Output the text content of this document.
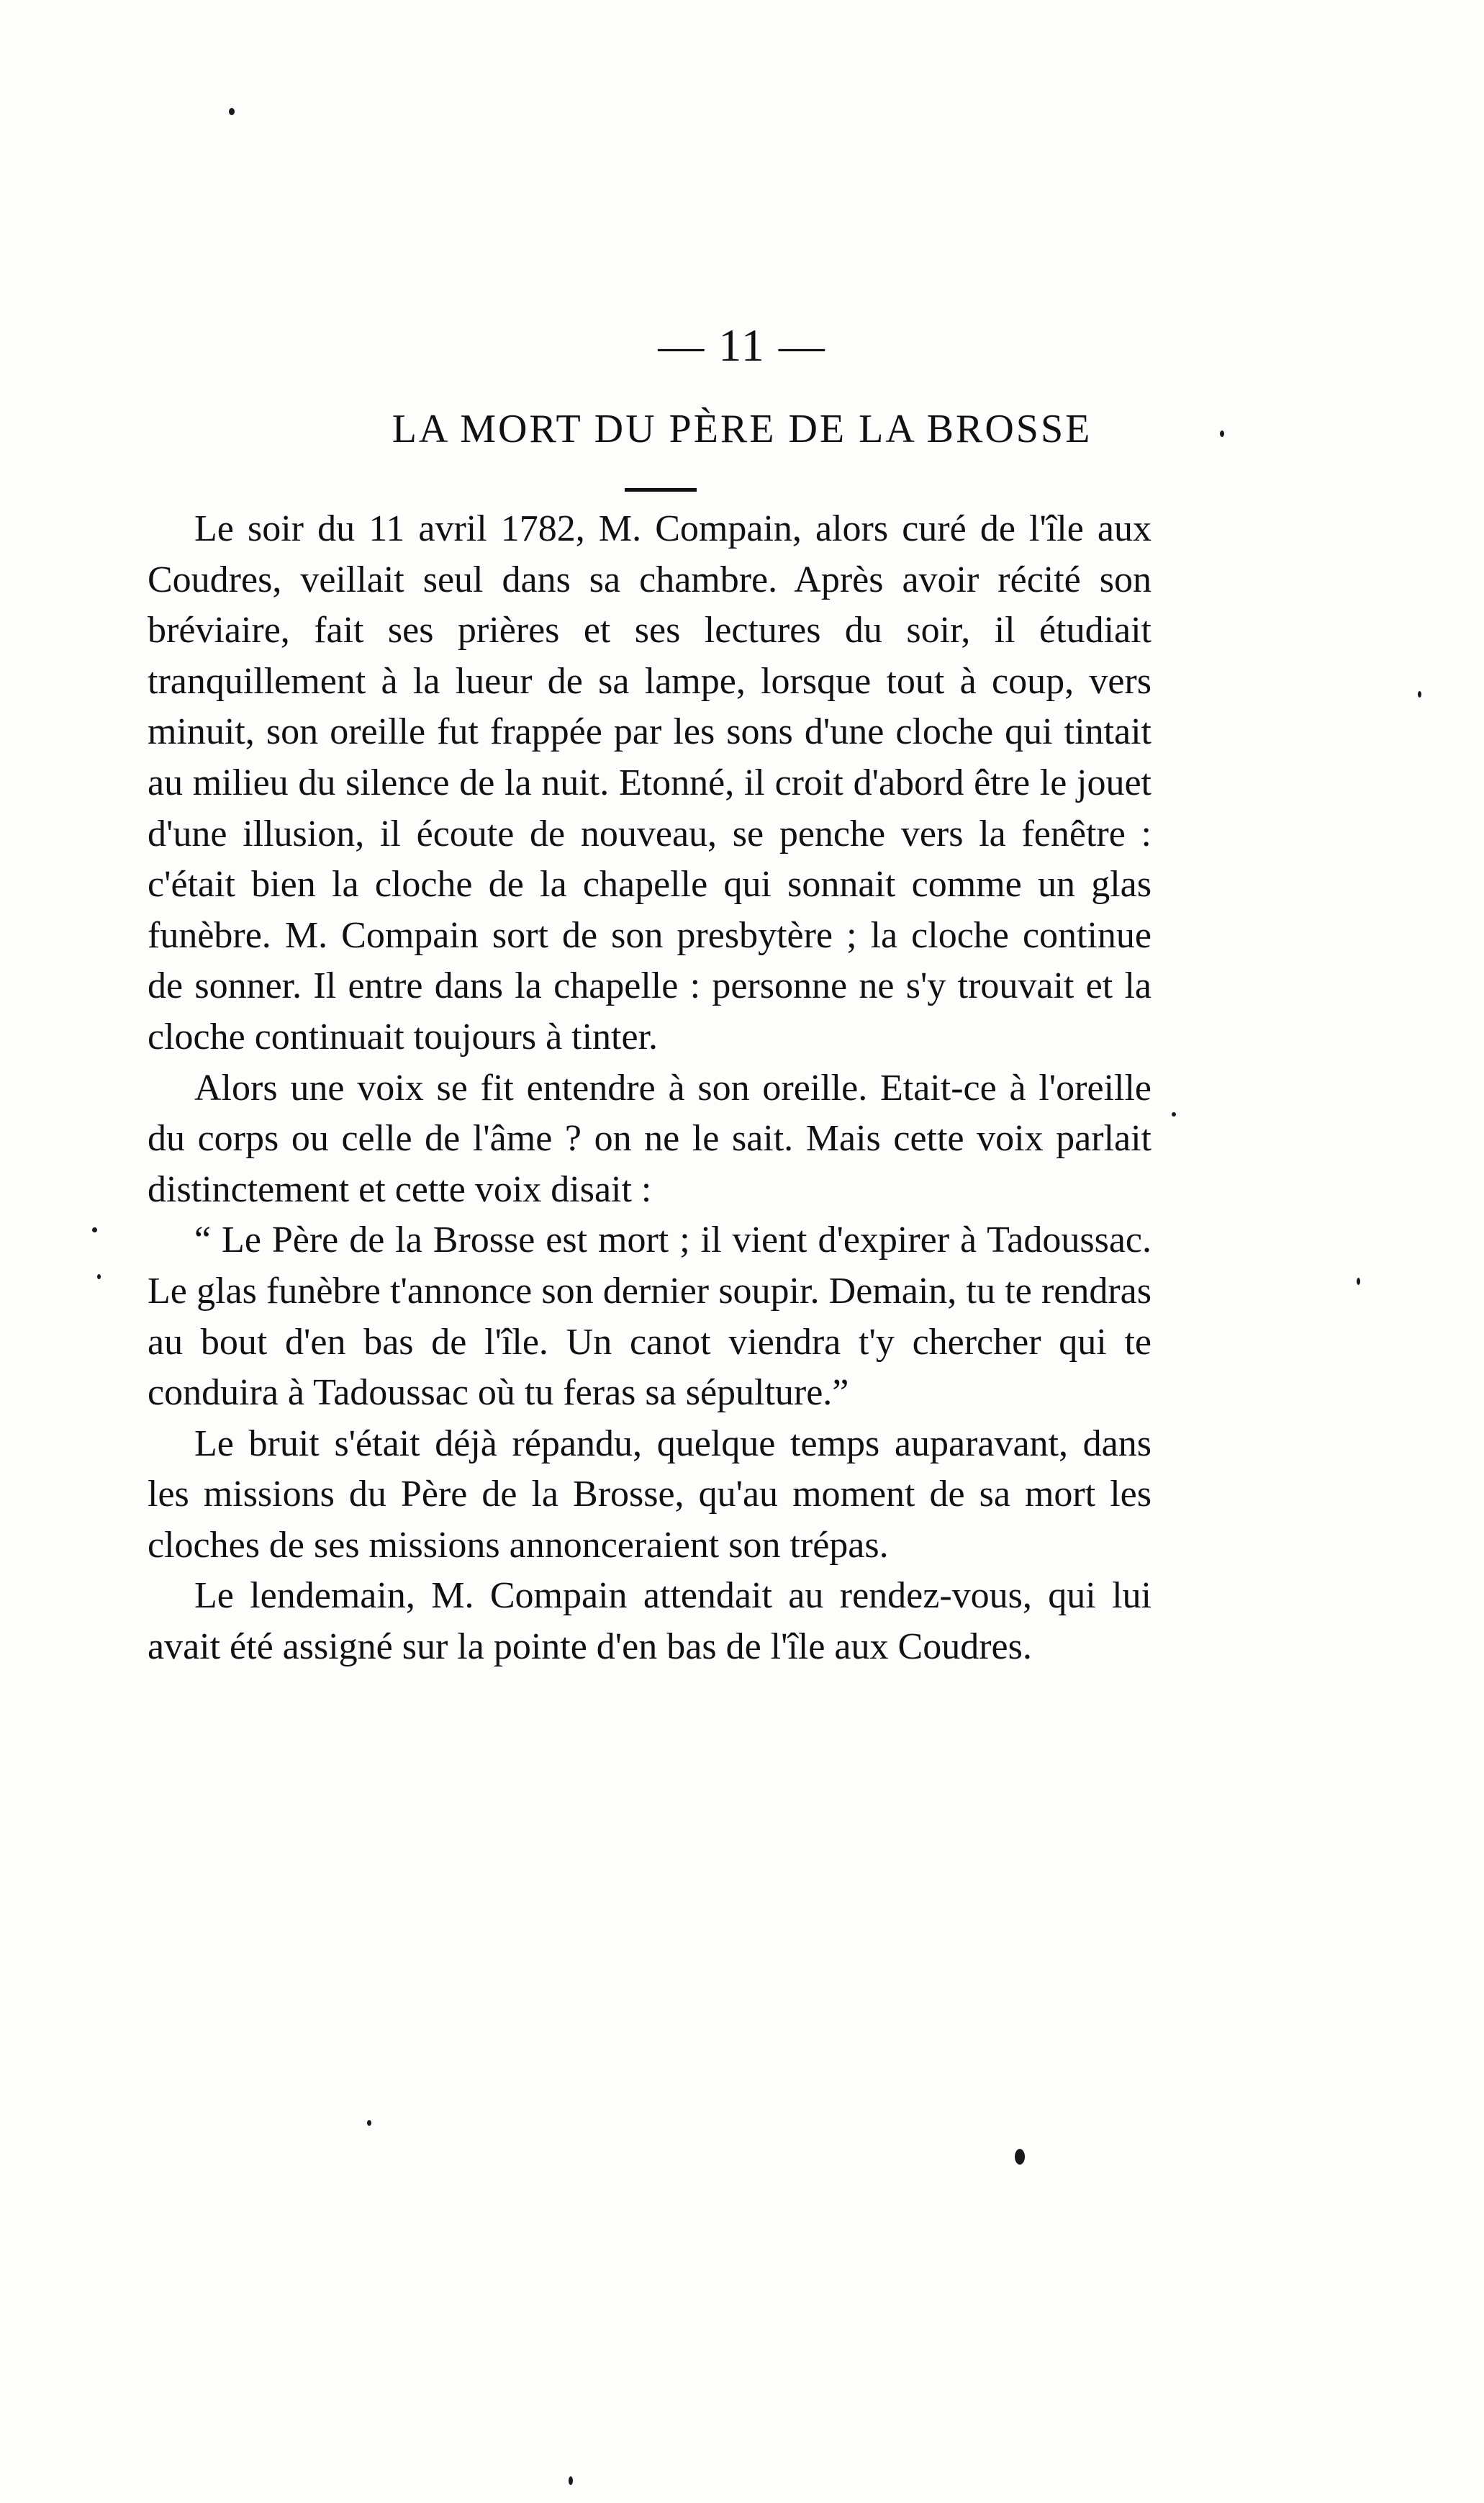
— 11 —
LA MORT DU PÈRE DE LA BROSSE

Le soir du 11 avril 1782, M. Compain, alors curé de l'île aux Coudres, veillait seul dans sa chambre. Après avoir récité son bréviaire, fait ses prières et ses lectures du soir, il étudiait tranquillement à la lueur de sa lampe, lorsque tout à coup, vers minuit, son oreille fut frappée par les sons d'une cloche qui tintait au milieu du silence de la nuit. Etonné, il croit d'abord être le jouet d'une illusion, il écoute de nouveau, se penche vers la fenêtre : c'était bien la cloche de la chapelle qui sonnait comme un glas funèbre. M. Compain sort de son presbytère ; la cloche continue de sonner. Il entre dans la chapelle : personne ne s'y trouvait et la cloche continuait toujours à tinter.

Alors une voix se fit entendre à son oreille. Etait-ce à l'oreille du corps ou celle de l'âme ? on ne le sait. Mais cette voix parlait distinctement et cette voix disait :

“ Le Père de la Brosse est mort ; il vient d'expirer à Tadoussac. Le glas funèbre t'annonce son dernier soupir. Demain, tu te rendras au bout d'en bas de l'île. Un canot viendra t'y chercher qui te conduira à Tadoussac où tu feras sa sépulture.”

Le bruit s'était déjà répandu, quelque temps auparavant, dans les missions du Père de la Brosse, qu'au moment de sa mort les cloches de ses missions annonceraient son trépas.

Le lendemain, M. Compain attendait au rendez-vous, qui lui avait été assigné sur la pointe d'en bas de l'île aux Coudres.
